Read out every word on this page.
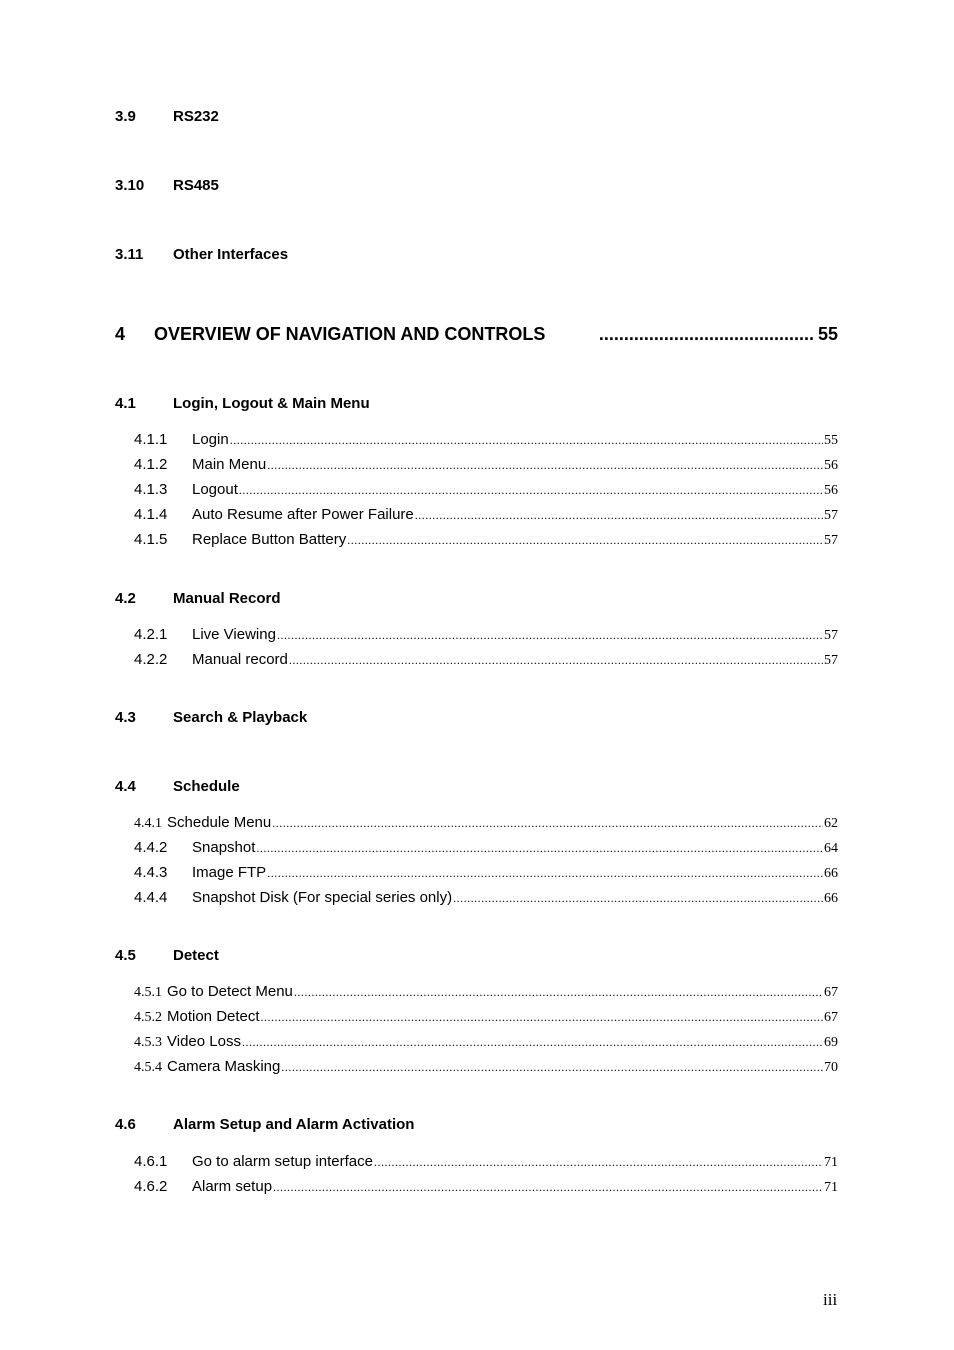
3.9 RS232
3.10 RS485
3.11 Other Interfaces
4 OVERVIEW OF NAVIGATION AND CONTROLS	........................................... 55
4.1 Login, Logout & Main Menu
4.1.1	Login .....	55
4.1.2	Main Menu .....	56
4.1.3	Logout .....	56
4.1.4	Auto Resume after Power Failure .....	57
4.1.5	Replace Button Battery .....	57
4.2 Manual Record
4.2.1	Live Viewing .....	57
4.2.2	Manual record .....	57
4.3 Search & Playback
4.4 Schedule
4.4.1 Schedule Menu .....	62
4.4.2	Snapshot .....	64
4.4.3	Image FTP .....	66
4.4.4	Snapshot Disk (For special series only) .....	66
4.5 Detect
4.5.1 Go to Detect Menu .....	67
4.5.2 Motion Detect .....	67
4.5.3 Video Loss .....	69
4.5.4 Camera Masking .....	70
4.6 Alarm Setup and Alarm Activation
4.6.1	Go to alarm setup interface .....	71
4.6.2	Alarm setup .....	71
iii
